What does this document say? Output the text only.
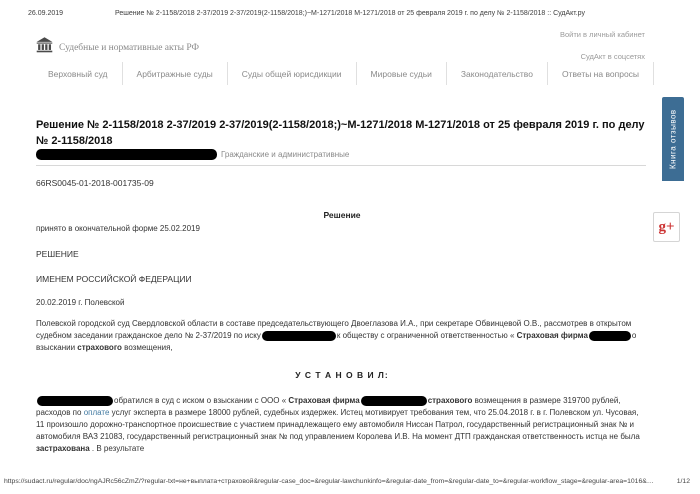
26.09.2019	Решение № 2-1158/2018 2-37/2019 2-37/2019(2-1158/2018;)~М-1271/2018 М-1271/2018 от 25 февраля 2019 г. по делу № 2-1158/2018 :: СудАкт.ру
Войти в личный кабинет
СудАкт в соцсетях
Судебные и нормативные акты РФ
Верховный суд	Арбитражные суды	Суды общей юрисдикции	Мировые судьи	Законодательство	Ответы на вопросы
Книга отзывов
g+
Решение № 2-1158/2018 2-37/2019 2-37/2019(2-1158/2018;)~М-1271/2018 М-1271/2018 от 25 февраля 2019 г. по делу № 2-1158/2018
Гражданские и административные
66RS0045-01-2018-001735-09
Решение
принято в окончательной форме 25.02.2019
РЕШЕНИЕ
ИМЕНЕМ РОССИЙСКОЙ ФЕДЕРАЦИИ
20.02.2019 г. Полевской
Полевской городской суд Свердловской области в составе председательствующего Двоеглазова И.А., при секретаре Обвинцевой О.В., рассмотрев в открытом судебном заседании гражданское дело № 2-37/2019 по иску	к обществу с ограниченной ответственностью « Страховая фирма	о взыскании страхового возмещения,
У С Т А Н О В И Л:
обратился в суд с иском о взыскании с ООО « Страховая фирма	страхового возмещения в размере 319700 рублей, расходов по оплате услуг эксперта в размере 18000 рублей, судебных издержек. Истец мотивирует требования тем, что 25.04.2018 г. в г. Полевском ул. Чусовая, 11 произошло дорожно-транспортное происшествие с участием принадлежащего ему автомобиля Ниссан Патрол, государственный регистрационный знак № и автомобиля ВАЗ 21083, государственный регистрационный знак № под управлением Королева И.В. На момент ДТП гражданская ответственность истца не была застрахована . В результате
https://sudact.ru/regular/doc/ngAJRc56cZmZ/?regular-txt=не+выплата+страховой&regular-case_doc=&regular-lawchunkinfo=&regular-date_from=&regular-date_to=&regular-workflow_stage=&regular-area=1016&…	1/12
